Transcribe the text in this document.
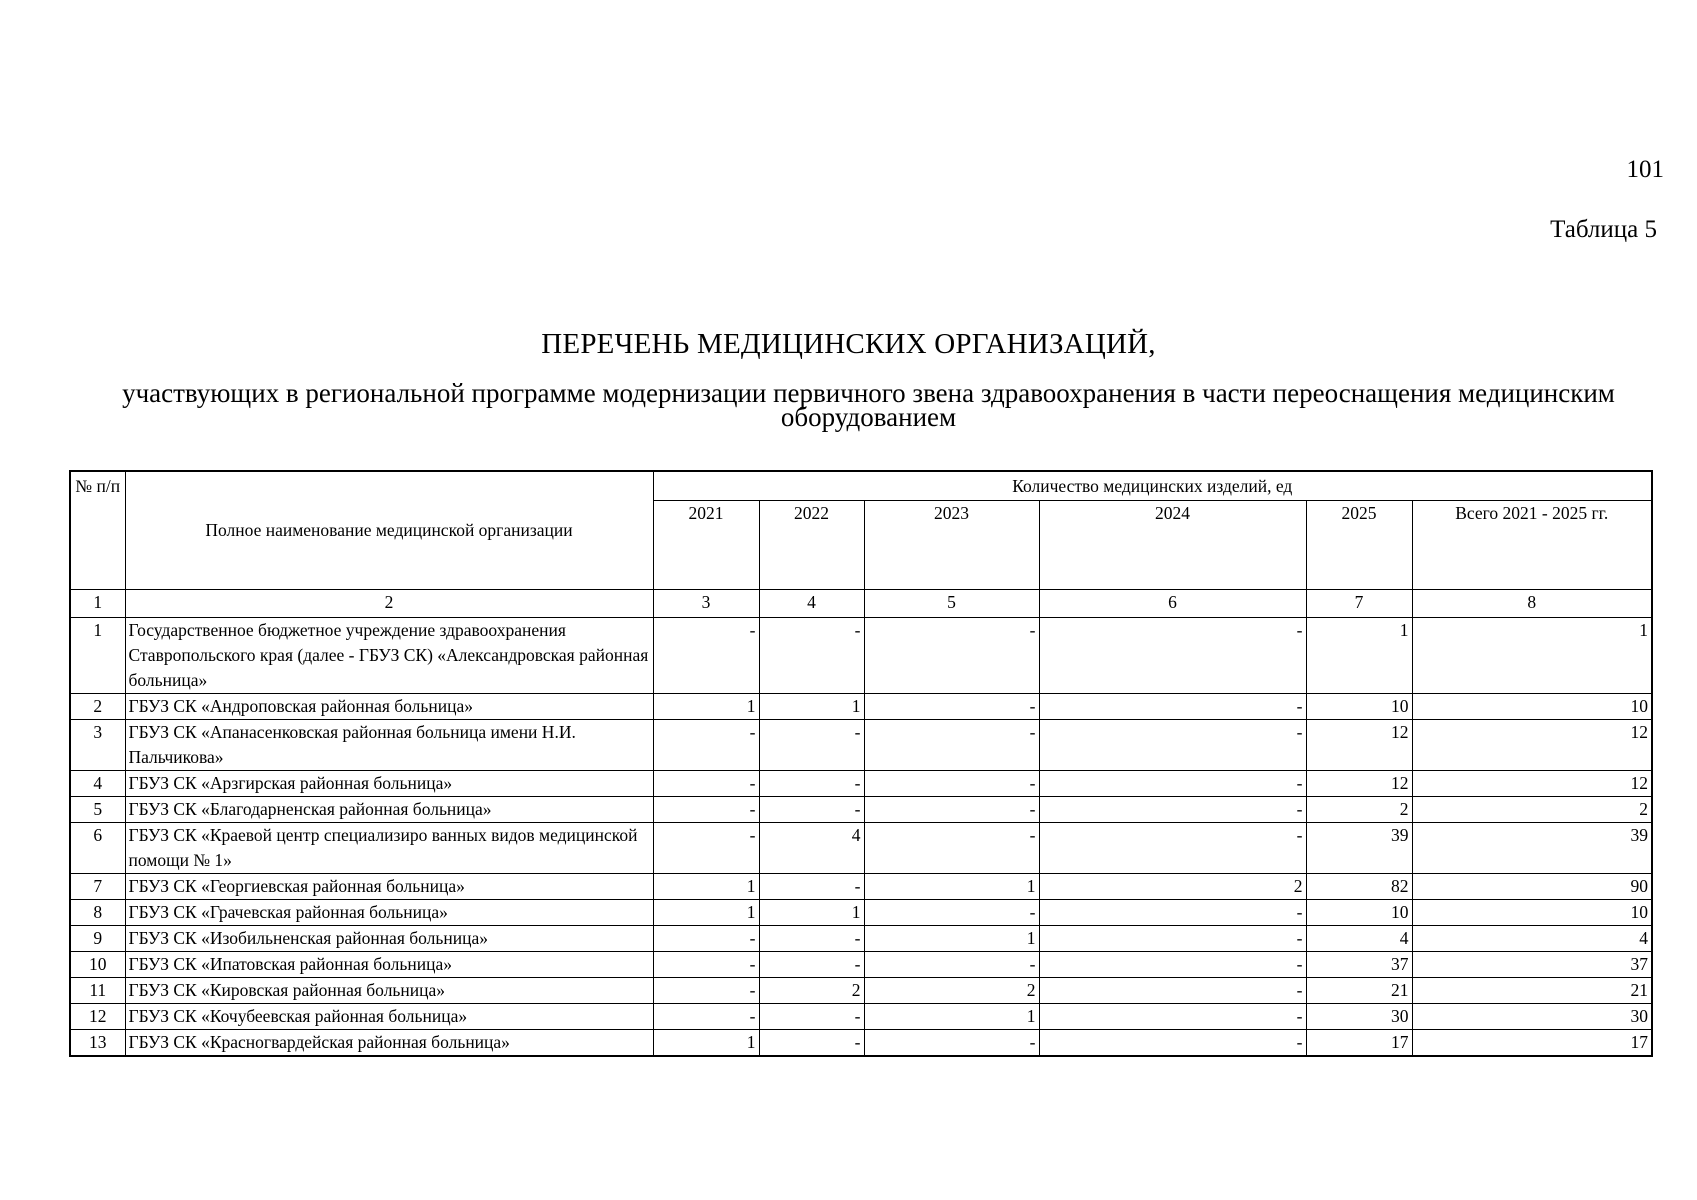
101
Таблица 5
ПЕРЕЧЕНЬ МЕДИЦИНСКИХ ОРГАНИЗАЦИЙ,
участвующих в региональной программе модернизации первичного звена здравоохранения в части переоснащения медицинским оборудованием
№ п/п	Полное наименование медицинской организации	Количество медицинских изделий, ед					
		2021	2022	2023	2024	2025	Всего 2021 - 2025 гг.
1	2	3	4	5	6	7	8
1	Государственное бюджетное учреждение здравоохранения Ставропольского края (далее - ГБУЗ СК) «Александровская районная больница»	-	-	-	-	1	1
2	ГБУЗ СК «Андроповская районная больница»	1	1	-	-	10	10
3	ГБУЗ СК «Апанасенковская районная больница имени Н.И. Пальчикова»	-	-	-	-	12	12
4	ГБУЗ СК «Арзгирская районная больница»	-	-	-	-	12	12
5	ГБУЗ СК «Благодарненская районная больница»	-	-	-	-	2	2
6	ГБУЗ СК «Краевой центр специализиро ванных видов медицинской помощи № 1»	-	4	-	-	39	39
7	ГБУЗ СК «Георгиевская районная больница»	1	-	1	2	82	90
8	ГБУЗ СК «Грачевская районная больница»	1	1	-	-	10	10
9	ГБУЗ СК «Изобильненская районная больница»	-	-	1	-	4	4
10	ГБУЗ СК «Ипатовская районная больница»	-	-	-	-	37	37
11	ГБУЗ СК «Кировская районная больница»	-	2	2	-	21	21
12	ГБУЗ СК «Кочубеевская районная больница»	-	-	1	-	30	30
13	ГБУЗ СК «Красногвардейская районная больница»	1	-	-	-	17	17
